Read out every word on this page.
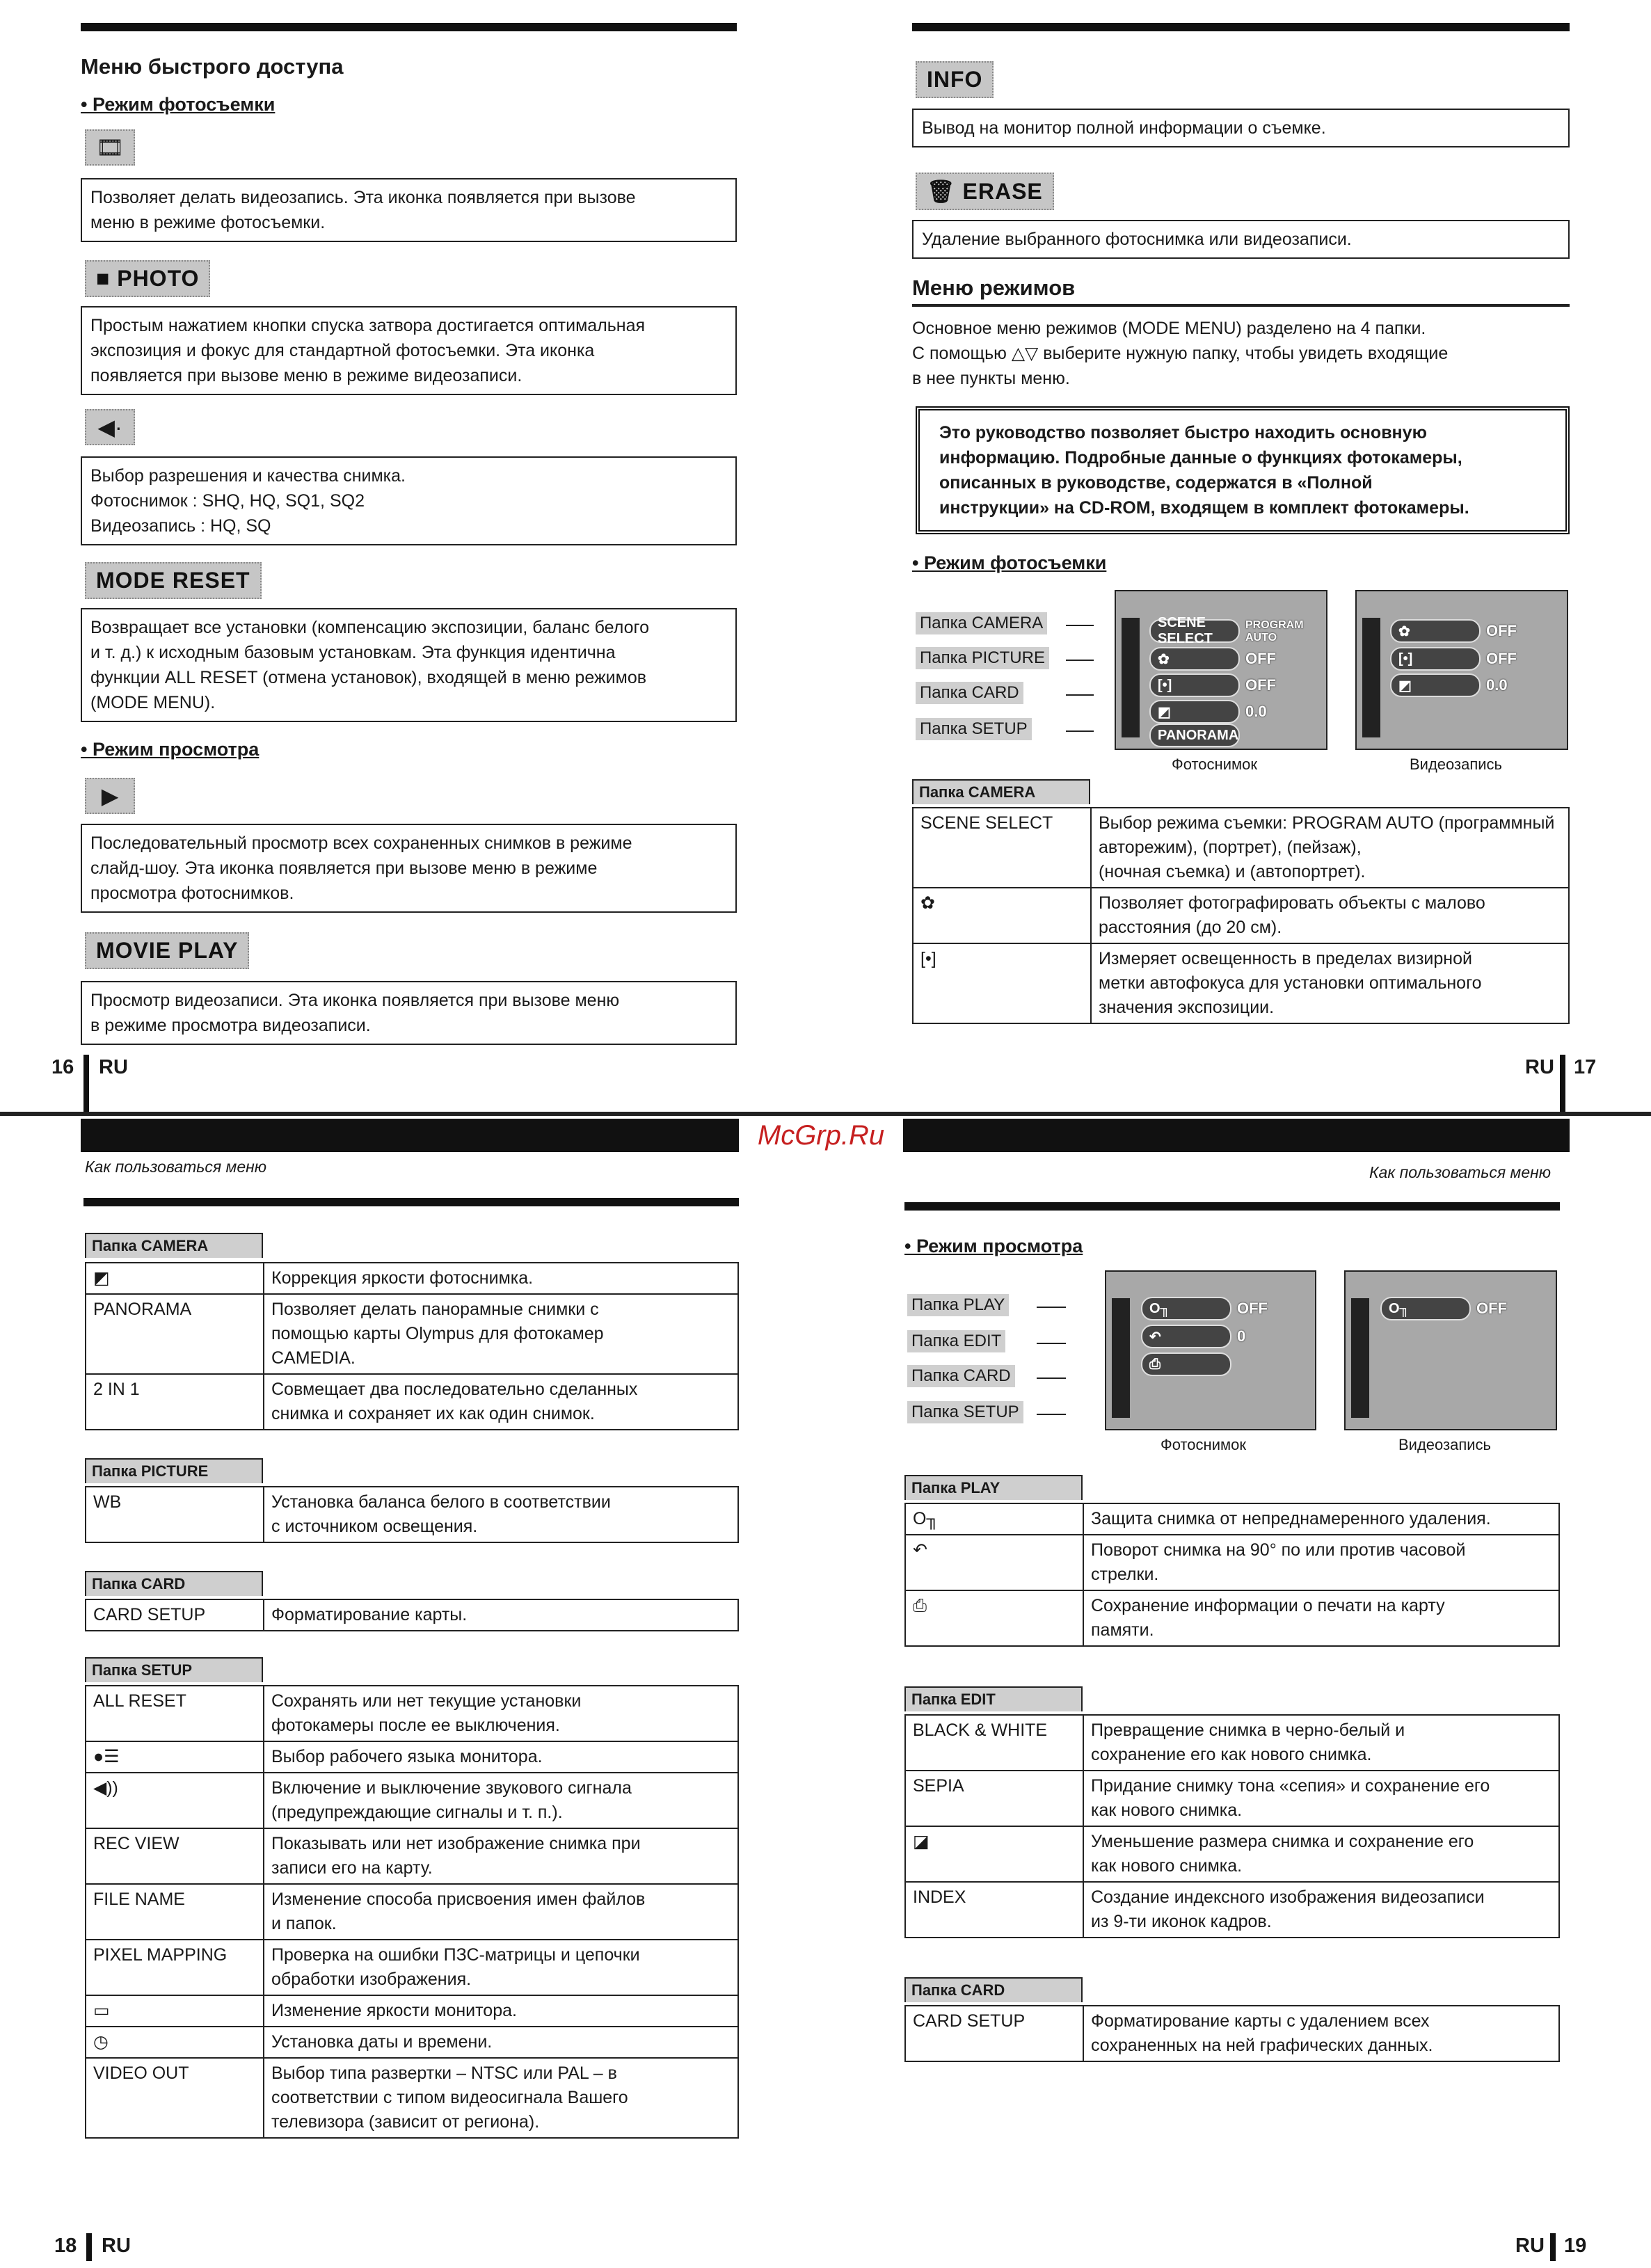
Меню быстрого доступа
• Режим фотосъемки
🎞
Позволяет делать видеозапись. Эта иконка появляется при вызове
меню в режиме фотосъемки.
■ PHOTO
Простым нажатием кнопки спуска затвора достигается оптимальная
экспозиция и фокус для стандартной фотосъемки. Эта иконка
появляется при вызове меню в режиме видеозаписи.
◀·
Выбор разрешения и качества снимка.
Фотоснимок : SHQ, HQ, SQ1, SQ2
Видеозапись : HQ, SQ
MODE RESET
Возвращает все установки (компенсацию экспозиции, баланс белого
и т. д.) к исходным базовым установкам. Эта функция идентична
функции ALL RESET (отмена установок), входящей в меню режимов
(MODE MENU).
• Режим просмотра
▶
Последовательный просмотр всех сохраненных снимков в режиме
слайд-шоу. Эта иконка появляется при вызове меню в режиме
просмотра фотоснимков.
MOVIE PLAY
Просмотр видеозаписи. Эта иконка появляется при вызове меню
в режиме просмотра видеозаписи.
16 RU
INFO
Вывод на монитор полной информации о съемке.
🗑 ERASE
Удаление выбранного фотоснимка или видеозаписи.
Меню режимов
Основное меню режимов (MODE MENU) разделено на 4 папки.
С помощью △▽ выберите нужную папку, чтобы увидеть входящие
в нее пункты меню.
Это руководство позволяет быстро находить основную
информацию. Подробные данные о функциях фотокамеры,
описанных в руководстве, содержатся в «Полной
инструкции» на CD-ROM, входящем в комплект фотокамеры.
• Режим фотосъемки
Папка CAMERA
Папка PICTURE
Папка CARD
Папка SETUP
SCENE SELECT
PROGRAM AUTO
✿	OFF
[•]	OFF
◩	0.0
PANORAMA
Фотоснимок
✿	OFF
[•]	OFF
◩	0.0
Видеозапись
Папка CAMERA
SCENE SELECT	Выбор режима съемки: PROGRAM AUTO (программный
авторежим), (портрет), (пейзаж),
(ночная съемка) и (автопортрет).
✿	Позволяет фотографировать объекты с малово
расстояния (до 20 см).
[•]	Измеряет освещенность в пределах визирной
метки автофокуса для установки оптимального
значения экспозиции.
RU 17
McGrp.Ru
Как пользоваться меню
Папка CAMERA
◩	Коррекция яркости фотоснимка.
PANORAMA	Позволяет делать панорамные снимки с
помощью карты Olympus для фотокамер
CAMEDIA.
2 IN 1	Совмещает два последовательно сделанных
снимка и сохраняет их как один снимок.
Папка PICTURE
WB	Установка баланса белого в соответствии
с источником освещения.
Папка CARD
CARD SETUP	Форматирование карты.
Папка SETUP
ALL RESET	Сохранять или нет текущие установки
фотокамеры после ее выключения.
●☰	Выбор рабочего языка монитора.
◀))	Включение и выключение звукового сигнала
(предупреждающие сигналы и т. п.).
REC VIEW	Показывать или нет изображение снимка при
записи его на карту.
FILE NAME	Изменение способа присвоения имен файлов
и папок.
PIXEL MAPPING	Проверка на ошибки ПЗС-матрицы и цепочки
обработки изображения.
▭	Изменение яркости монитора.
◷	Установка даты и времени.
VIDEO OUT	Выбор типа развертки – NTSC или PAL – в
соответствии с типом видеосигнала Вашего
телевизора (зависит от региона).
18 RU
Как пользоваться меню
• Режим просмотра
Папка PLAY
Папка EDIT
Папка CARD
Папка SETUP
O╖	OFF
↶	0
⎙
Фотоснимок
O╖	OFF
Видеозапись
Папка PLAY
O╖	Защита снимка от непреднамеренного удаления.
↶	Поворот снимка на 90° по или против часовой
стрелки.
⎙	Сохранение информации о печати на карту
памяти.
Папка EDIT
BLACK & WHITE	Превращение снимка в черно-белый и
сохранение его как нового снимка.
SEPIA	Придание снимку тона «сепия» и сохранение его
как нового снимка.
◪	Уменьшение размера снимка и сохранение его
как нового снимка.
INDEX	Создание индексного изображения видеозаписи
из 9-ти иконок кадров.
Папка CARD
CARD SETUP	Форматирование карты с удалением всех
сохраненных на ней графических данных.
RU 19
